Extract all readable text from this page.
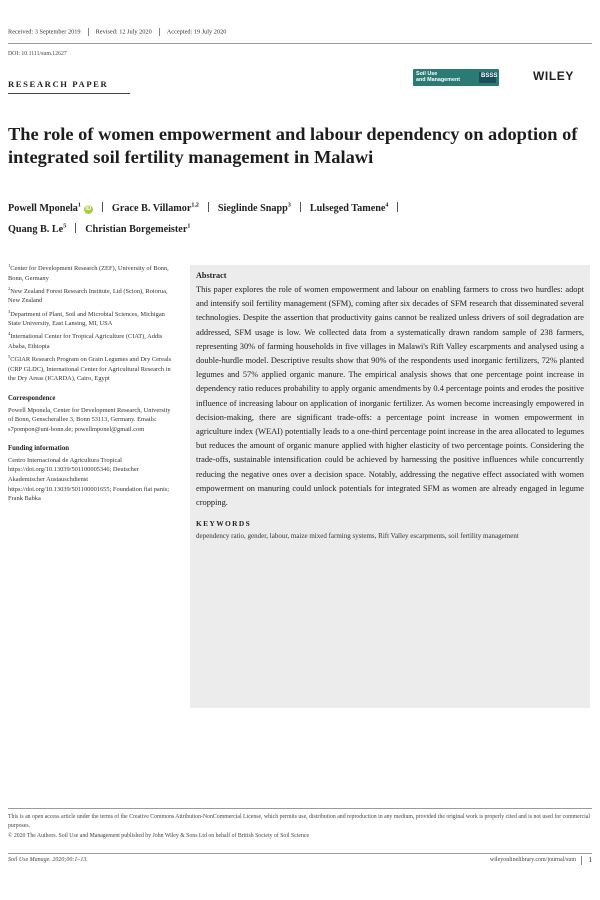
Received: 3 September 2019 Revised: 12 July 2020 Accepted: 19 July 2020
DOI: 10.1111/sum.12627
RESEARCH PAPER
Soil Use
and Management
BSSS	WILEY
The role of women empowerment and labour dependency on adoption of integrated soil fertility management in Malawi
Powell Mponela$^1$iD Grace B. Villamor$^{1,2}$ Sieglinde Snapp$^3$ Lulseged Tamene$^4$
Quang B. Le$^5$ Christian Borgemeister$^1$

$^1$Center for Development Research (ZEF), University of Bonn, Bonn, Germany

$^2$New Zealand Forest Research Institute, Ltd (Scion), Rotorua, New Zealand

$^3$Department of Plant, Soil and Microbial Sciences, Michigan State University, East Lansing, MI, USA

$^4$International Center for Tropical Agriculture (CIAT), Addis Ababa, Ethiopia

$^5$CGIAR Research Program on Grain Legumes and Dry Cereals (CRP GLDC), International Center for Agricultural Research in the Dry Areas (ICARDA), Cairo, Egypt

Correspondence

Powell Mponela, Center for Development Research, University of Bonn, Genscherallee 3, Bonn 53113, Germany. Emails: s7pompon@uni-bonn.de; powellmponel@gmail.com

Funding information

Centro Internacional de Agricultura Tropical https://doi.org/10.13039/501100005346; Deutscher Akademischer Austauschdienst https://doi.org/10.13039/501100001655; Foundation fiat panis; Frank Babka

Abstract

This paper explores the role of women empowerment and labour on enabling farmers to cross two hurdles: adopt and intensify soil fertility management (SFM), coming after six decades of SFM research that disseminated several technologies. Despite the assertion that productivity gains cannot be realized unless drivers of soil degradation are addressed, SFM usage is low. We collected data from a systematically drawn random sample of 238 farmers, representing 30% of farming households in five villages in Malawi's Rift Valley escarpments and analysed using a double-hurdle model. Descriptive results show that 90% of the respondents used inorganic fertilizers, 72% planted legumes and 57% applied organic manure. The empirical analysis shows that one percentage point increase in dependency ratio reduces probability to apply organic amendments by 0.4 percentage points and erodes the positive influence of increasing labour on application of inorganic fertilizer. As women become increasingly empowered in decision-making, there are significant trade-offs: a percentage point increase in women empowerment in agriculture index (WEAI) potentially leads to a one-third percentage point increase in the area allocated to legumes but reduces the amount of organic manure applied with higher elasticity of two percentage points. Considering the trade-offs, sustainable intensification could be achieved by harnessing the positive influences while concurrently reducing the negative ones over a decision space. Notably, addressing the negative effect associated with women empowerment on manuring could unlock potentials for integrated SFM as women are already engaged in legume cropping.

KEYWORDS

dependency ratio, gender, labour, maize mixed farming systems, Rift Valley escarpments, soil fertility management

This is an open access article under the terms of the Creative Commons Attribution-NonCommercial License, which permits use, distribution and reproduction in any medium, provided the original work is properly cited and is not used for commercial purposes.

© 2020 The Authors. Soil Use and Management published by John Wiley & Sons Ltd on behalf of British Society of Soil Science

Soil Use Manage. 2020;00:1–13.	wileyonlinelibrary.com/journal/sum 1
